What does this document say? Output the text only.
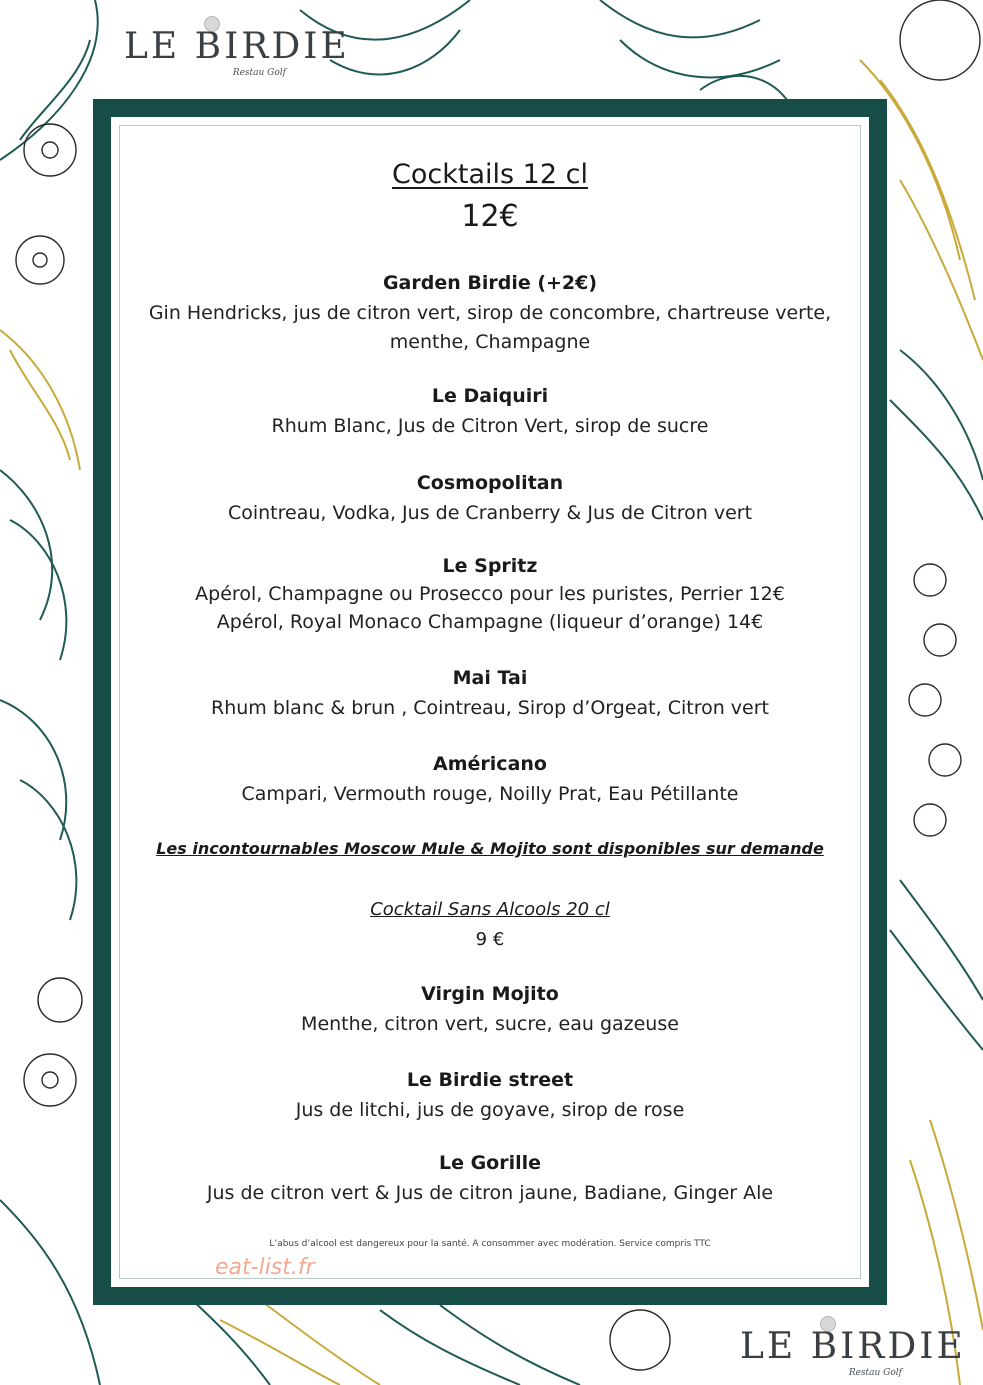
LE BIRDIE
Restau Golf
LE BIRDIE
Restau Golf
Cocktails 12 cl
12€
Garden Birdie (+2€)
Gin Hendricks, jus de citron vert, sirop de concombre, chartreuse verte,
menthe, Champagne
Le Daiquiri
Rhum Blanc, Jus de Citron Vert, sirop de sucre
Cosmopolitan
Cointreau, Vodka, Jus de Cranberry & Jus de Citron vert
Le Spritz
Apérol, Champagne ou Prosecco pour les puristes, Perrier 12€
Apérol, Royal Monaco Champagne (liqueur d’orange) 14€
Mai Tai
Rhum blanc & brun , Cointreau, Sirop d’Orgeat, Citron vert
Américano
Campari, Vermouth rouge, Noilly Prat, Eau Pétillante
Les incontournables Moscow Mule & Mojito sont disponibles sur demande
Cocktail Sans Alcools 20 cl
9 €
Virgin Mojito
Menthe, citron vert, sucre, eau gazeuse
Le Birdie street
Jus de litchi, jus de goyave, sirop de rose
Le Gorille
Jus de citron vert & Jus de citron jaune, Badiane, Ginger Ale
L’abus d’alcool est dangereux pour la santé. A consommer avec modération. Service compris TTC
eat-list.fr
